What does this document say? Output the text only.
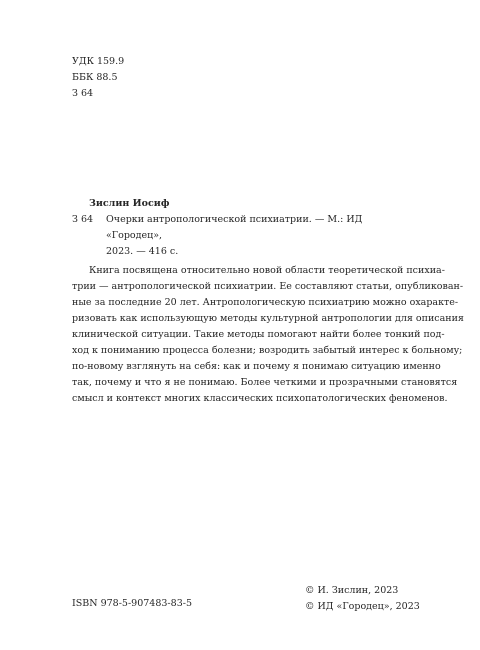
УДК 159.9
ББК 88.5
З 64
Зислин Иосиф
З 64	Очерки антропологической психиатрии. — М.: ИД «Городец»,
2023. — 416 с.
Книга посвящена относительно новой области теоретической психиа-
трии — антропологической психиатрии. Ее составляют статьи, опубликован-
ные за последние 20 лет. Антропологическую психиатрию можно охарактe-
ризовать как использующую методы культурной антропологии для описания
клинической ситуации. Такие методы помогают найти более тонкий под-
ход к пониманию процесса болезни; возродить забытый интерес к больному;
по-новому взглянуть на себя: как и почему я понимаю ситуацию именно
так, почему и что я не понимаю. Более четкими и прозрачными становятся
смысл и контекст многих классических психопатологических феноменов.
ISBN 978-5-907483-83-5
© И. Зислин, 2023
© ИД «Городец», 2023
